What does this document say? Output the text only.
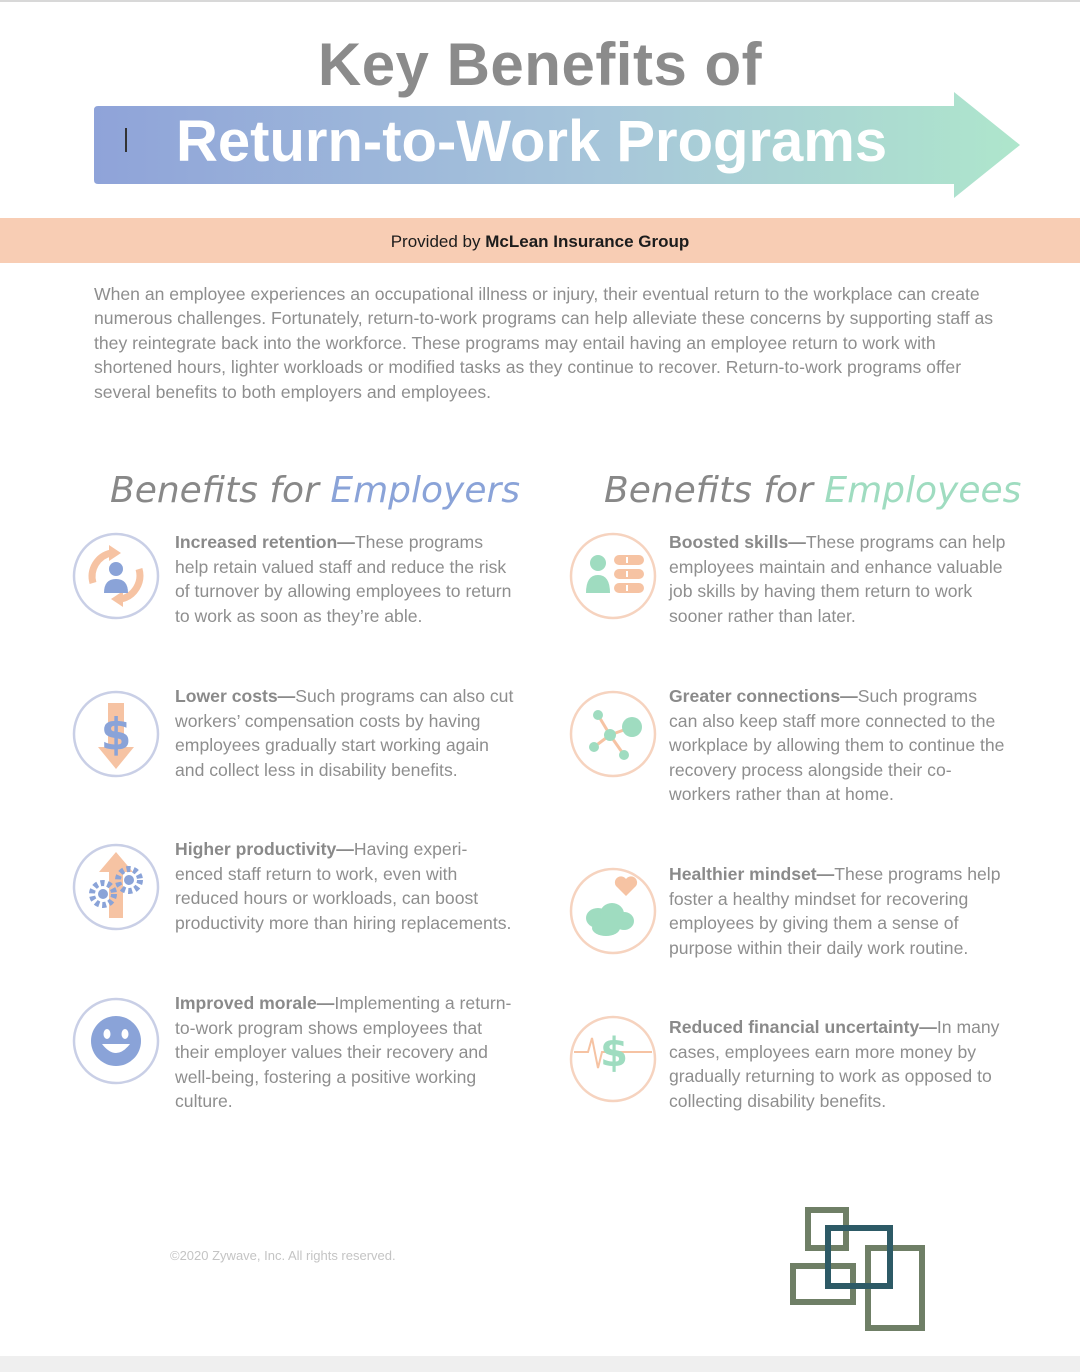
Key Benefits of
Return-to-Work Programs
Provided by McLean Insurance Group
When an employee experiences an occupational illness or injury, their eventual return to the workplace can create numerous challenges. Fortunately, return-to-work programs can help alleviate these concerns by supporting staff as they reintegrate back into the workforce. These programs may entail having an employee return to work with shortened hours, lighter workloads or modified tasks as they continue to recover. Return-to-work programs offer several benefits to both employers and employees.
Benefits for Employers Benefits for Employees
$
Increased retention—These programs help retain valued staff and reduce the risk of turnover by allowing employees to return to work as soon as they’re able.
Lower costs—Such programs can also cut workers’ compensation costs by having employees gradually start working again and collect less in disability benefits.
Higher productivity—Having experi-enced staff return to work, even with reduced hours or workloads, can boost productivity more than hiring replacements.
Improved morale—Implementing a return-to-work program shows employees that their employer values their recovery and well-being, fostering a positive working culture.
$
Boosted skills—These programs can help employees maintain and enhance valuable job skills by having them return to work sooner rather than later.
Greater connections—Such programs can also keep staff more connected to the workplace by allowing them to continue the recovery process alongside their co-workers rather than at home.
Healthier mindset—These programs help foster a healthy mindset for recovering employees by giving them a sense of purpose within their daily work routine.
Reduced financial uncertainty—In many cases, employees earn more money by gradually returning to work as opposed to collecting disability benefits.
©2020 Zywave, Inc. All rights reserved.
